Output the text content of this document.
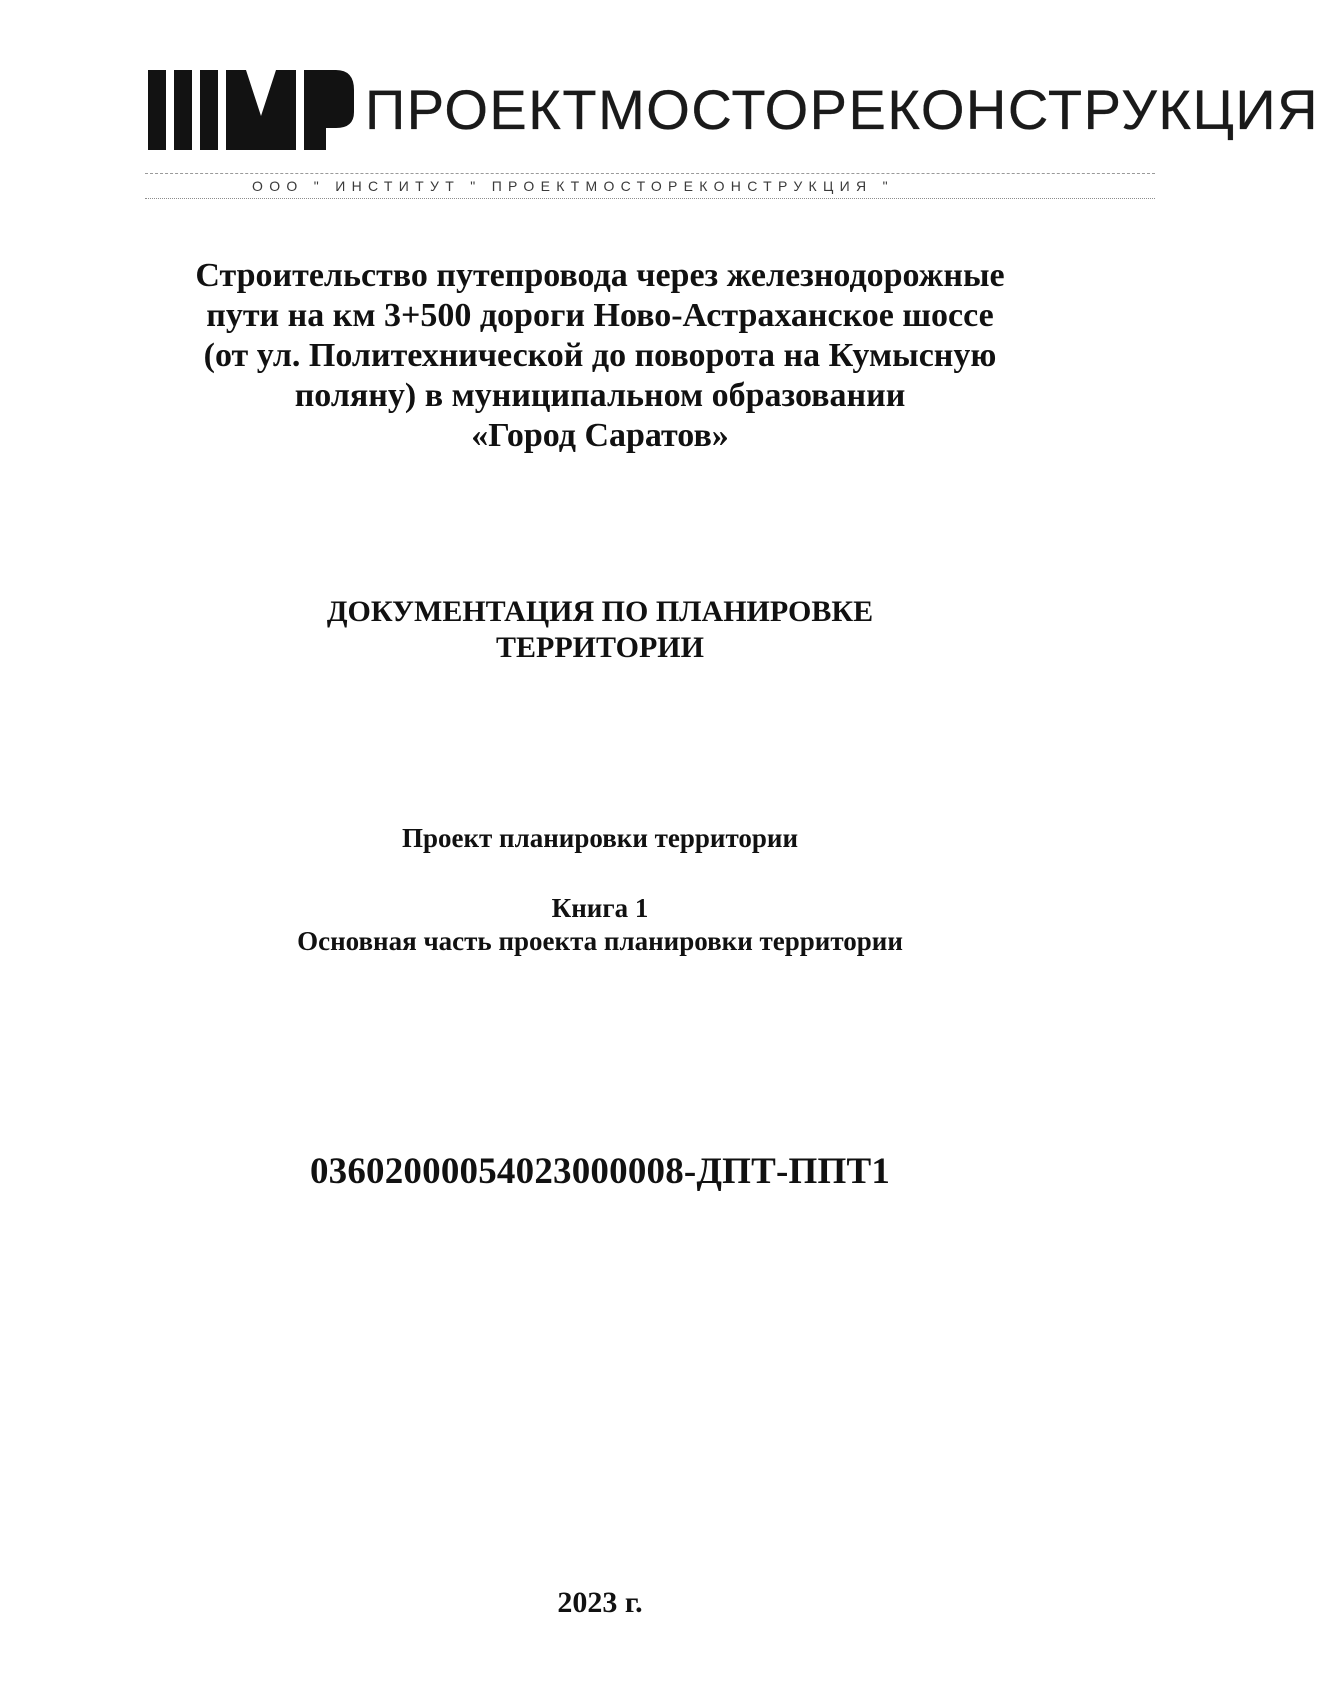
ПРОЕКТМОСТОРЕКОНСТРУКЦИЯ
ООО " ИНСТИТУТ " ПРОЕКТМОСТОРЕКОНСТРУКЦИЯ "
Строительство путепровода через железнодорожные
пути на км 3+500 дороги Ново-Астраханское шоссе
(от ул. Политехнической до поворота на Кумысную
поляну) в муниципальном образовании
«Город Саратов»
ДОКУМЕНТАЦИЯ ПО ПЛАНИРОВКЕ
ТЕРРИТОРИИ
Проект планировки территории
Книга 1
Основная часть проекта планировки территории
03602000054023000008-ДПТ-ППТ1
2023 г.
